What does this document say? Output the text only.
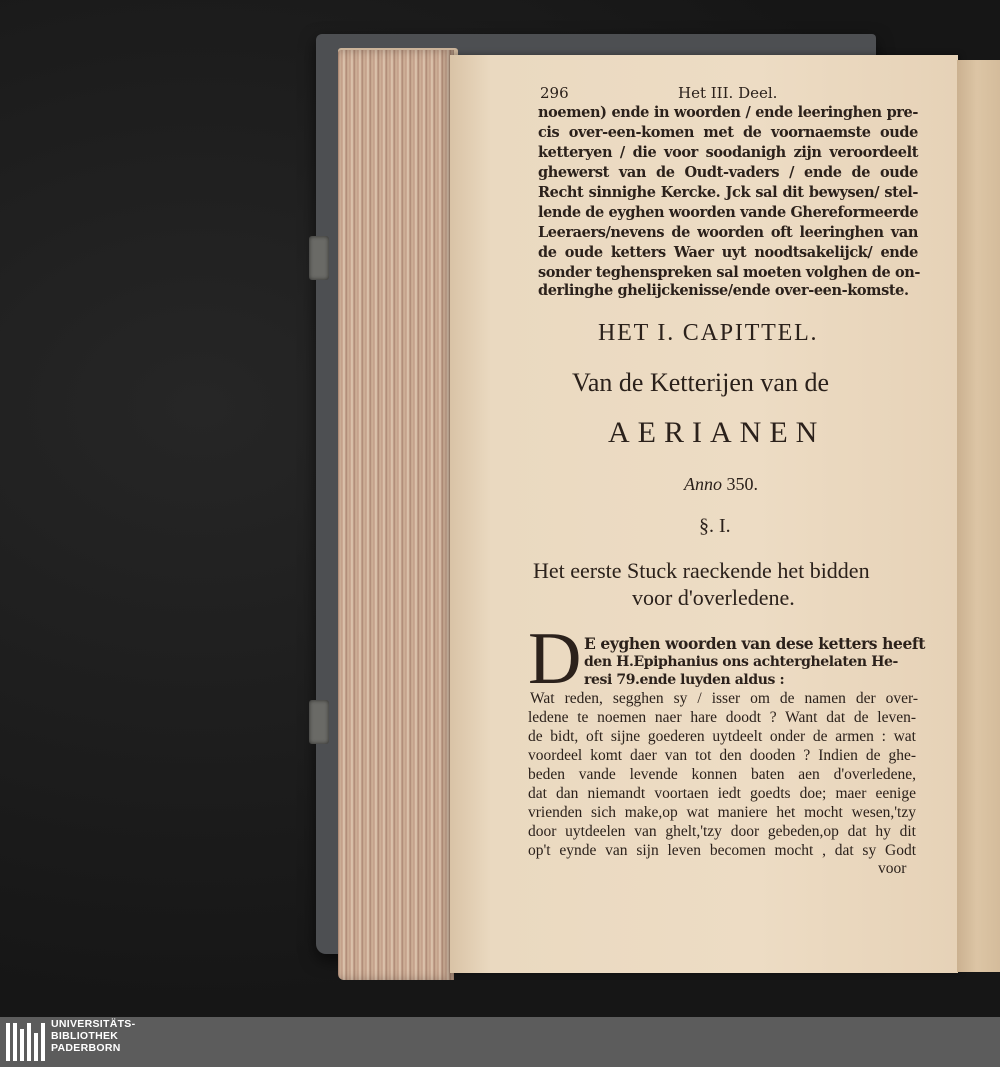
296	Het III. Deel.
noemen) ende in woorden / ende leeringhen pre-
cis over-een-komen met de voornaemste oude
ketteryen / die voor soodanigh zijn veroordeelt
ghewerst van de Oudt-vaders / ende de oude
Recht sinnighe Kercke. Jck sal dit bewysen/ stel-
lende de eyghen woorden vande Ghereformeerde
Leeraers/nevens de woorden oft leeringhen van
de oude ketters Waer uyt noodtsakelijck/ ende
sonder teghenspreken sal moeten volghen de on-
derlinghe ghelijckenisse/ende over-een-komste.
HET I. CAPITTEL.
Van de Ketterijen van de
AERIANEN
Anno 350.
§. I.
Het eerste Stuck raeckende het bidden
voor d'overledene.
D E eyghen woorden van dese ketters heeft
den H.Epiphanius ons achterghelaten He-
resi 79.ende luyden aldus :
Wat reden, segghen sy / isser om de namen der over-
ledene te noemen naer hare doodt ? Want dat de leven-
de bidt, oft sijne goederen uytdeelt onder de armen : wat
voordeel komt daer van tot den dooden ? Indien de ghe-
beden vande levende konnen baten aen d'overledene,
dat dan niemandt voortaen iedt goedts doe; maer eenige
vrienden sich make,op wat maniere het mocht wesen,'tzy
door uytdeelen van ghelt,'tzy door gebeden,op dat hy dit
op't eynde van sijn leven becomen mocht , dat sy Godt
voor
UNIVERSITÄTS-
BIBLIOTHEK
PADERBORN
